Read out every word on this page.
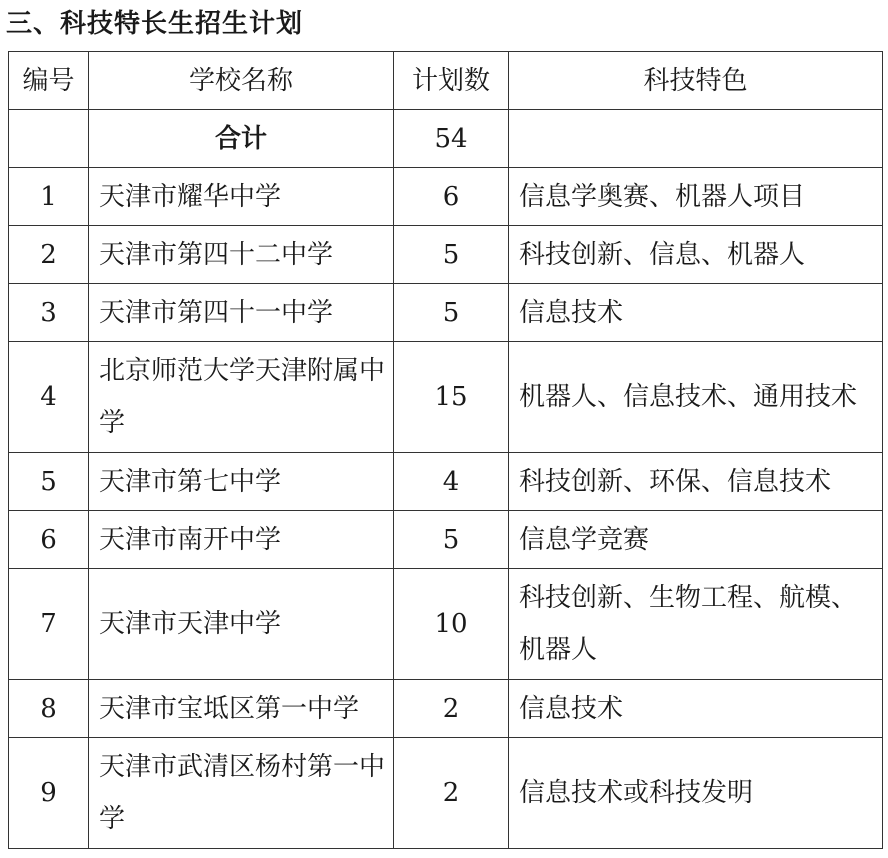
三、科技特长生招生计划
编号	学校名称	计划数	科技特色
	合计	54	
1	天津市耀华中学	6	信息学奥赛、机器人项目
2	天津市第四十二中学	5	科技创新、信息、机器人
3	天津市第四十一中学	5	信息技术
4	北京师范大学天津附属中学	15	机器人、信息技术、通用技术
5	天津市第七中学	4	科技创新、环保、信息技术
6	天津市南开中学	5	信息学竞赛
7	天津市天津中学	10	科技创新、生物工程、航模、机器人
8	天津市宝坻区第一中学	2	信息技术
9	天津市武清区杨村第一中学	2	信息技术或科技发明
